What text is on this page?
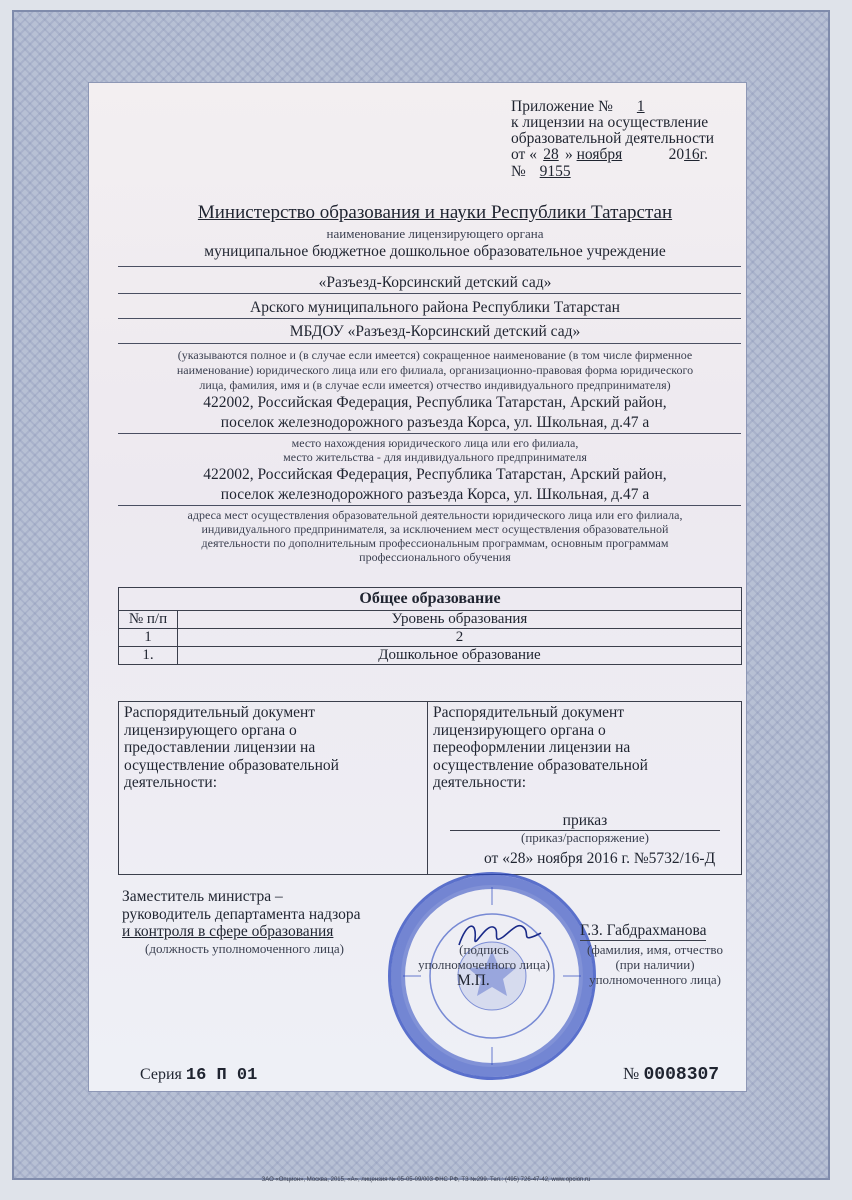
Приложение № 1
к лицензии на осуществление
образовательной деятельности
от « 28 » ноября	2016г.
№ 9155
Министерство образования и науки Республики Татарстан
наименование лицензирующего органа
муниципальное бюджетное дошкольное образовательное учреждение
«Разъезд-Корсинский детский сад»
Арского муниципального района Республики Татарстан
МБДОУ «Разъезд-Корсинский детский сад»
(указываются полное и (в случае если имеется) сокращенное наименование (в том числе фирменное
наименование) юридического лица или его филиала, организационно-правовая форма юридического
лица, фамилия, имя и (в случае если имеется) отчество индивидуального предпринимателя)
422002, Российская Федерация, Республика Татарстан, Арский район,
поселок железнодорожного разъезда Корса, ул. Школьная, д.47 а
место нахождения юридического лица или его филиала,
место жительства - для индивидуального предпринимателя
422002, Российская Федерация, Республика Татарстан, Арский район,
поселок железнодорожного разъезда Корса, ул. Школьная, д.47 а
адреса мест осуществления образовательной деятельности юридического лица или его филиала,
индивидуального предпринимателя, за исключением мест осуществления образовательной
деятельности по дополнительным профессиональным программам, основным программам
профессионального обучения
Общее образование	
№ п/п	Уровень образования
1	2
1.	Дошкольное образование
Распорядительный документ
лицензирующего органа о
предоставлении лицензии на
осуществление образовательной
деятельности:
Распорядительный документ
лицензирующего органа о
переоформлении лицензии на
осуществление образовательной
деятельности:
приказ
(приказ/распоряжение)
от «28» ноября 2016 г. №5732/16-Д
Заместитель министра –
руководитель департамента надзора
и контроля в сфере образования
(должность уполномоченного лица)	(подпись
уполномоченного лица)
М.П.
Г.З. Габдрахманова
(фамилия, имя, отчество
(при наличии)
уполномоченного лица)
Серия 16 П 01	№ 0008307
ЗАО «Опцион», Москва, 2015, «А», лицензия № 05-05-09/003 ФНС РФ, ТЗ №299. Тел.: (495) 726-47-42, www.opcion.ru
